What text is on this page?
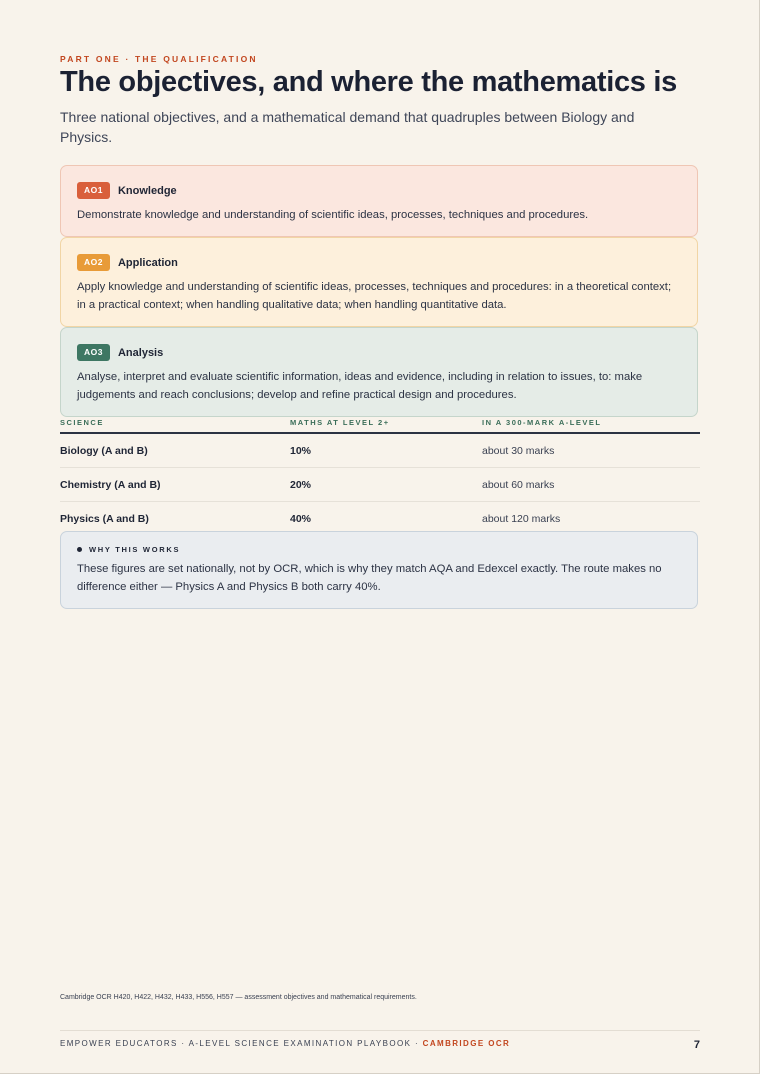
PART ONE · THE QUALIFICATION
The objectives, and where the mathematics is

Three national objectives, and a mathematical demand that quadruples between Biology and Physics.

AO1	Knowledge
Demonstrate knowledge and understanding of scientific ideas, processes, techniques and procedures.
AO2	Application
Apply knowledge and understanding of scientific ideas, processes, techniques and procedures: in a theoretical context; in a practical context; when handling qualitative data; when handling quantitative data.
AO3	Analysis
Analyse, interpret and evaluate scientific information, ideas and evidence, including in relation to issues, to: make judgements and reach conclusions; develop and refine practical design and procedures.
SCIENCE	MATHS AT LEVEL 2+	IN A 300-MARK A-LEVEL
Biology (A and B)	10%	about 30 marks
Chemistry (A and B)	20%	about 60 marks
Physics (A and B)	40%	about 120 marks
WHY THIS WORKS
These figures are set nationally, not by OCR, which is why they match AQA and Edexcel exactly. The route makes no difference either — Physics A and Physics B both carry 40%.
Cambridge OCR H420, H422, H432, H433, H556, H557 — assessment objectives and mathematical requirements.
EMPOWER EDUCATORS · A-LEVEL SCIENCE EXAMINATION PLAYBOOK · CAMBRIDGE OCR	7
